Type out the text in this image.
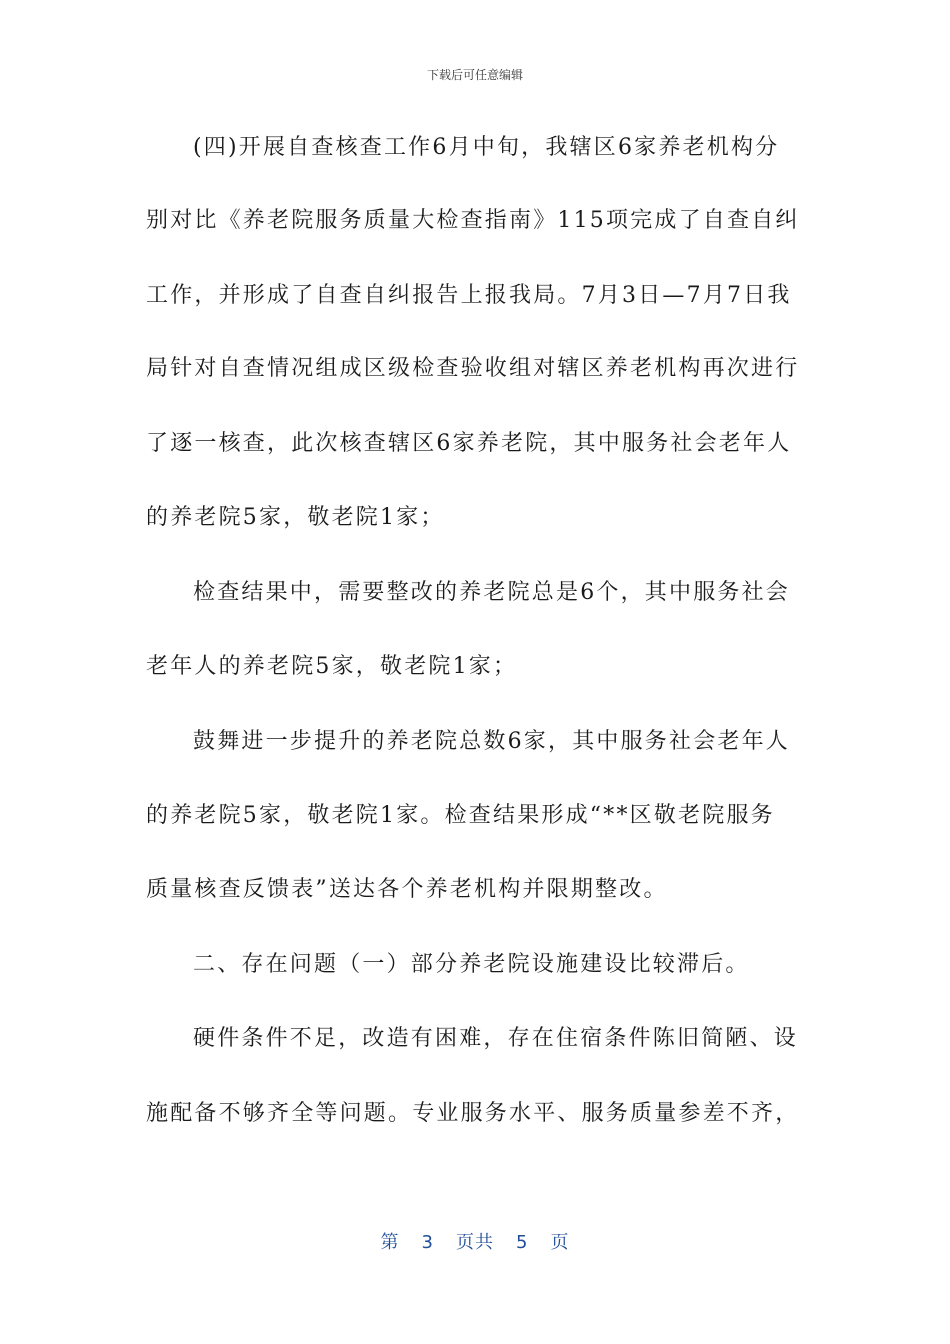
下载后可任意编辑
(四)开展自查核查工作6月中旬，我辖区6家养老机构分
别对比《养老院服务质量大检查指南》115项完成了自查自纠
工作，并形成了自查自纠报告上报我局。7月3日—7月7日我
局针对自查情况组成区级检查验收组对辖区养老机构再次进行
了逐一核查，此次核查辖区6家养老院，其中服务社会老年人
的养老院5家，敬老院1家；
检查结果中，需要整改的养老院总是6个，其中服务社会
老年人的养老院5家，敬老院1家；
鼓舞进一步提升的养老院总数6家，其中服务社会老年人
的养老院5家，敬老院1家。检查结果形成“**区敬老院服务
质量核查反馈表”送达各个养老机构并限期整改。
二、存在问题（一）部分养老院设施建设比较滞后。
硬件条件不足，改造有困难，存在住宿条件陈旧简陋、设
施配备不够齐全等问题。专业服务水平、服务质量参差不齐，
第 3 页共 5 页
